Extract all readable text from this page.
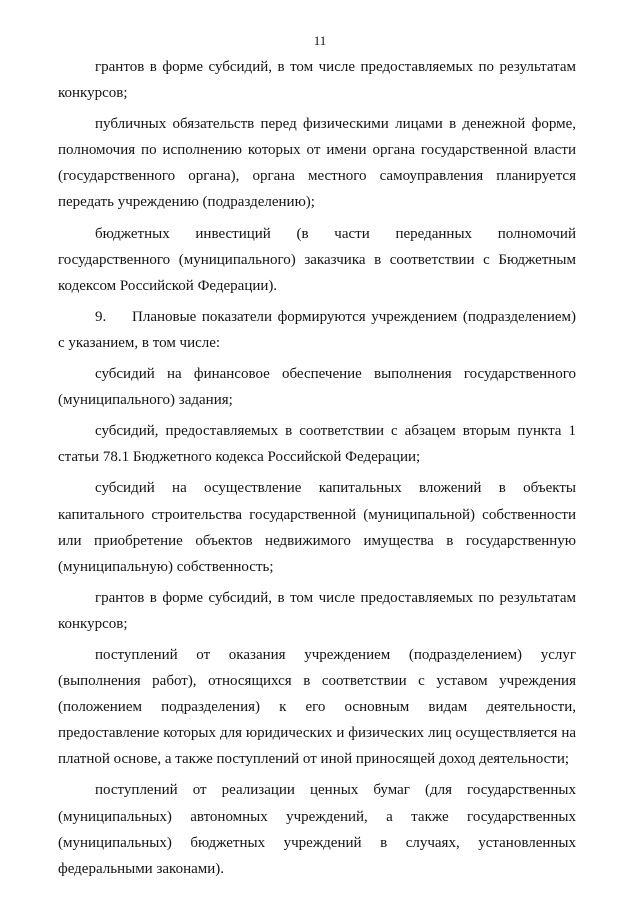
11

грантов в форме субсидий, в том числе предоставляемых по результатам конкурсов;

публичных обязательств перед физическими лицами в денежной форме, полномочия по исполнению которых от имени органа государственной власти (государственного органа), органа местного самоуправления планируется передать учреждению (подразделению);

бюджетных инвестиций (в части переданных полномочий государственного (муниципального) заказчика в соответствии с Бюджетным кодексом Российской Федерации).

9. Плановые показатели формируются учреждением (подразделением) с указанием, в том числе:

субсидий на финансовое обеспечение выполнения государственного (муниципального) задания;

субсидий, предоставляемых в соответствии с абзацем вторым пункта 1 статьи 78.1 Бюджетного кодекса Российской Федерации;

субсидий на осуществление капитальных вложений в объекты капитального строительства государственной (муниципальной) собственности или приобретение объектов недвижимого имущества в государственную (муниципальную) собственность;

грантов в форме субсидий, в том числе предоставляемых по результатам конкурсов;

поступлений от оказания учреждением (подразделением) услуг (выполнения работ), относящихся в соответствии с уставом учреждения (положением подразделения) к его основным видам деятельности, предоставление которых для юридических и физических лиц осуществляется на платной основе, а также поступлений от иной приносящей доход деятельности;

поступлений от реализации ценных бумаг (для государственных (муниципальных) автономных учреждений, а также государственных (муниципальных) бюджетных учреждений в случаях, установленных федеральными законами).
